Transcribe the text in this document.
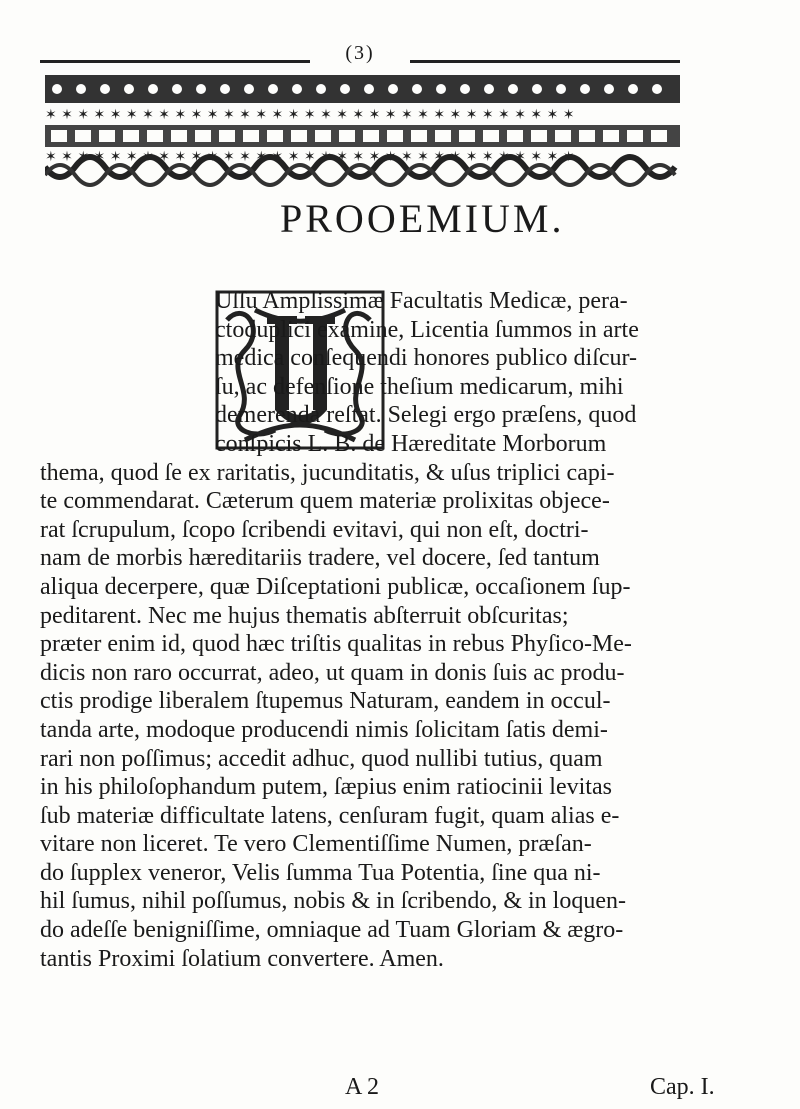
(3)
✶ ✶ ✶ ✶ ✶ ✶ ✶ ✶ ✶ ✶ ✶ ✶ ✶ ✶ ✶ ✶ ✶ ✶ ✶ ✶ ✶ ✶ ✶ ✶ ✶ ✶ ✶ ✶ ✶ ✶ ✶ ✶ ✶
✶ ✶ ✶ ✶ ✶ ✶ ✶ ✶ ✶ ✶ ✶ ✶ ✶ ✶ ✶ ✶ ✶ ✶ ✶ ✶ ✶ ✶ ✶ ✶ ✶ ✶ ✶ ✶ ✶ ✶ ✶ ✶ ✶
PROOEMIUM.
Uſſu Amplissimæ Facultatis Medicæ, pera-
ctoduplici examine, Licentia ſummos in arte
medica conſequendi honores publico diſcur-
ſu, ac defenſione theſium medicarum, mihi
demerenda reſtat. Selegi ergo præſens, quod
conſpicis L. B. de Hæreditate Morborum
thema, quod ſe ex raritatis, jucunditatis, & uſus triplici capi-
te commendarat. Cæterum quem materiæ prolixitas objece-
rat ſcrupulum, ſcopo ſcribendi evitavi, qui non eſt, doctri-
nam de morbis hæreditariis tradere, vel docere, ſed tantum
aliqua decerpere, quæ Diſceptationi publicæ, occaſionem ſup-
peditarent. Nec me hujus thematis abſterruit obſcuritas;
præter enim id, quod hæc triſtis qualitas in rebus Phyſico-Me-
dicis non raro occurrat, adeo, ut quam in donis ſuis ac produ-
ctis prodige liberalem ſtupemus Naturam, eandem in occul-
tanda arte, modoque producendi nimis ſolicitam ſatis demi-
rari non poſſimus; accedit adhuc, quod nullibi tutius, quam
in his philoſophandum putem, ſæpius enim ratiocinii levitas
ſub materiæ difficultate latens, cenſuram fugit, quam alias e-
vitare non liceret. Te vero Clementiſſime Numen, præſan-
do ſupplex veneror, Velis ſumma Tua Potentia, ſine qua ni-
hil ſumus, nihil poſſumus, nobis & in ſcribendo, & in loquen-
do adeſſe benigniſſime, omniaque ad Tuam Gloriam & ægro-
tantis Proximi ſolatium convertere. Amen.
A 2	Cap. I.
